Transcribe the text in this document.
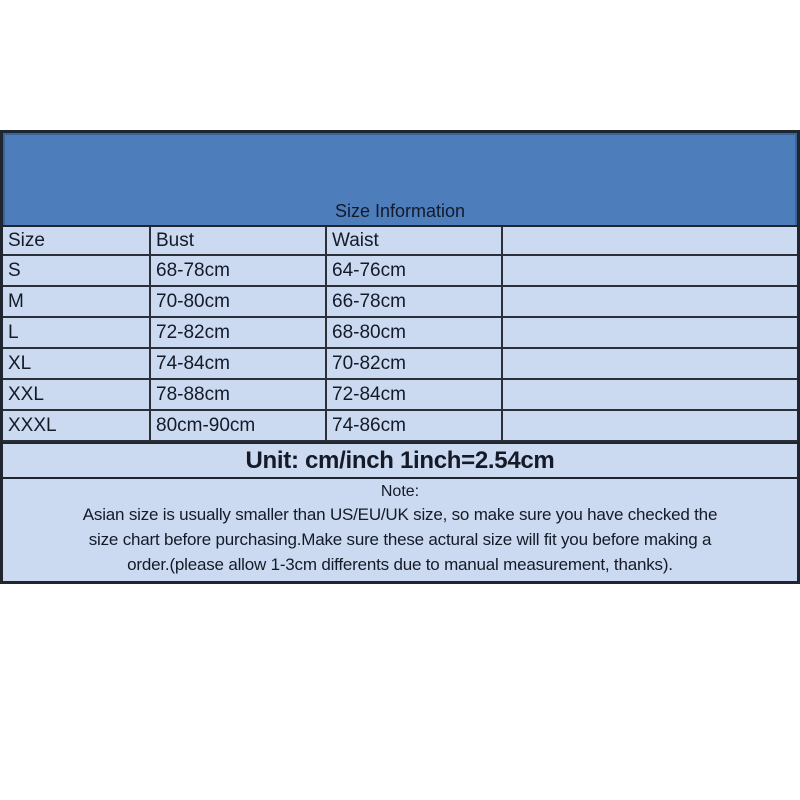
Size Information
Size	Bust	Waist	
S	68-78cm	64-76cm	
M	70-80cm	66-78cm	
L	72-82cm	68-80cm	
XL	74-84cm	70-82cm	
XXL	78-88cm	72-84cm	
XXXL	80cm-90cm	74-86cm	
Unit: cm/inch 1inch=2.54cm
Note:
Asian size is usually smaller than US/EU/UK size, so make sure you have checked the
size chart before purchasing.Make sure these actural size will fit you before making a
order.(please allow 1-3cm differents due to manual measurement, thanks).
